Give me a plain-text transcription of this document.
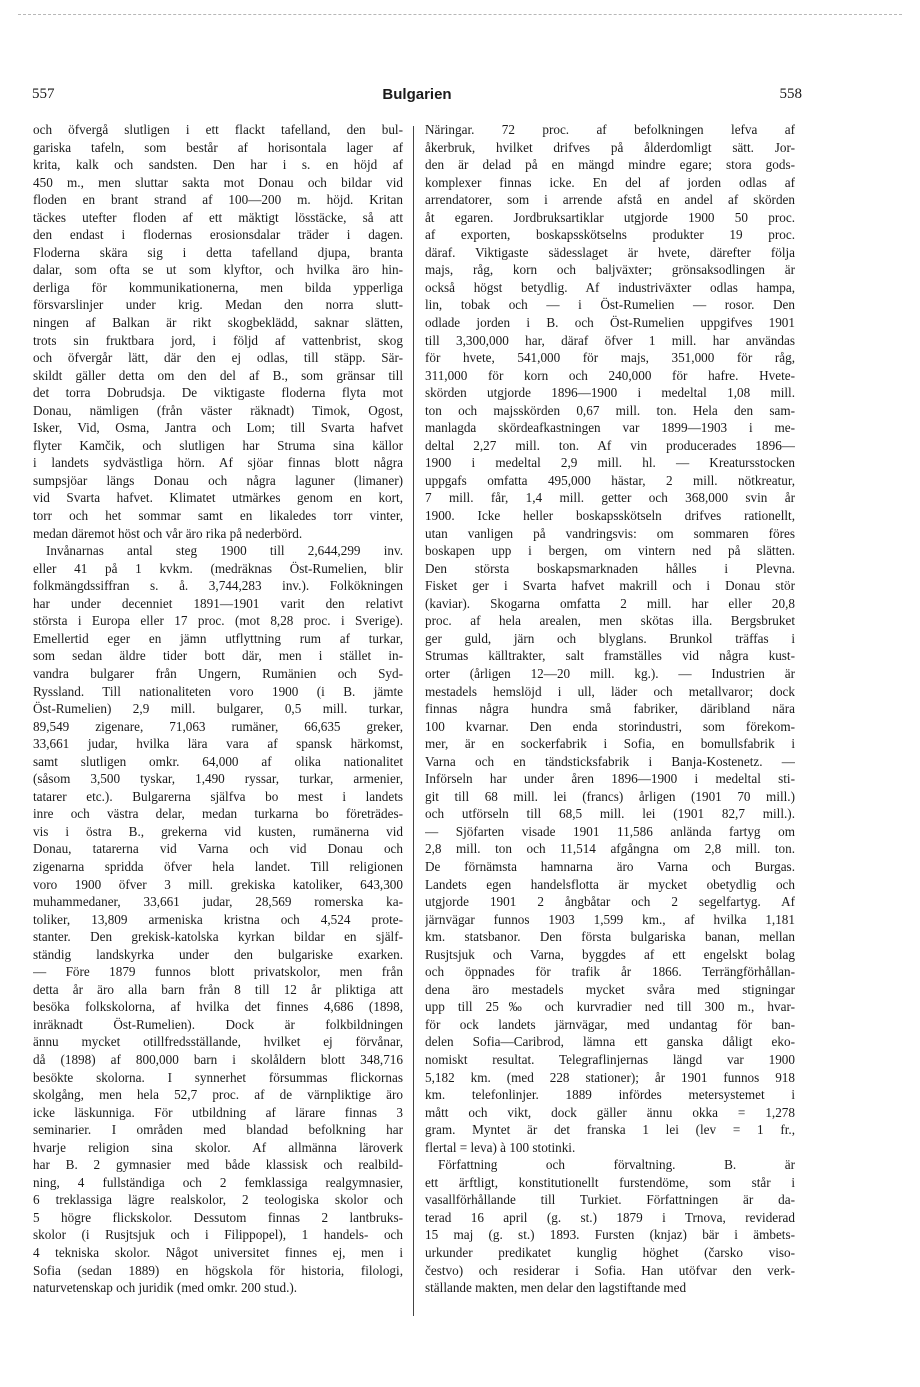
557	Bulgarien	558
och öfvergå slutligen i ett flackt tafelland, den bul-
gariska tafeln, som består af horisontala lager af
krita, kalk och sandsten. Den har i s. en höjd af
450 m., men sluttar sakta mot Donau och bildar vid
floden en brant strand af 100—200 m. höjd. Kritan
täckes utefter floden af ett mäktigt lösstäcke, så att
den endast i flodernas erosionsdalar träder i dagen.
Floderna skära sig i detta tafelland djupa, branta
dalar, som ofta se ut som klyftor, och hvilka äro hin-
derliga för kommunikationerna, men bilda ypperliga
försvarslinjer under krig. Medan den norra slutt-
ningen af Balkan är rikt skogbeklädd, saknar slätten,
trots sin fruktbara jord, i följd af vattenbrist, skog
och öfvergår lätt, där den ej odlas, till stäpp. Sär-
skildt gäller detta om den del af B., som gränsar till
det torra Dobrudsja. De viktigaste floderna flyta mot
Donau, nämligen (från väster räknadt) Timok, Ogost,
Isker, Vid, Osma, Jantra och Lom; till Svarta hafvet
flyter Kamčik, och slutligen har Struma sina källor
i landets sydvästliga hörn. Af sjöar finnas blott några
sumpsjöar längs Donau och några laguner (limaner)
vid Svarta hafvet. Klimatet utmärkes genom en kort,
torr och het sommar samt en likaledes torr vinter,
medan däremot höst och vår äro rika på nederbörd.
Invånarnas antal steg 1900 till 2,644,299 inv.
eller 41 på 1 kvkm. (medräknas Öst-Rumelien, blir
folkmängdssiffran s. å. 3,744,283 inv.). Folkökningen
har under decenniet 1891—1901 varit den relativt
största i Europa eller 17 proc. (mot 8,28 proc. i Sverige).
Emellertid eger en jämn utflyttning rum af turkar,
som sedan äldre tider bott där, men i stället in-
vandra bulgarer från Ungern, Rumänien och Syd-
Ryssland. Till nationaliteten voro 1900 (i B. jämte
Öst-Rumelien) 2,9 mill. bulgarer, 0,5 mill. turkar,
89,549 zigenare, 71,063 rumäner, 66,635 greker,
33,661 judar, hvilka lära vara af spansk härkomst,
samt slutligen omkr. 64,000 af olika nationalitet
(såsom 3,500 tyskar, 1,490 ryssar, turkar, armenier,
tatarer etc.). Bulgarerna själfva bo mest i landets
inre och västra delar, medan turkarna bo företrädes-
vis i östra B., grekerna vid kusten, rumänerna vid
Donau, tatarerna vid Varna och vid Donau och
zigenarna spridda öfver hela landet. Till religionen
voro 1900 öfver 3 mill. grekiska katoliker, 643,300
muhammedaner, 33,661 judar, 28,569 romerska ka-
toliker, 13,809 armeniska kristna och 4,524 prote-
stanter. Den grekisk-katolska kyrkan bildar en själf-
ständig landskyrka under den bulgariske exarken.
— Före 1879 funnos blott privatskolor, men från
detta år äro alla barn från 8 till 12 år pliktiga att
besöka folkskolorna, af hvilka det finnes 4,686 (1898,
inräknadt Öst-Rumelien). Dock är folkbildningen
ännu mycket otillfredsställande, hvilket ej förvånar,
då (1898) af 800,000 barn i skolåldern blott 348,716
besökte skolorna. I synnerhet försummas flickornas
skolgång, men hela 52,7 proc. af de värnpliktige äro
icke läskunniga. För utbildning af lärare finnas 3
seminarier. I områden med blandad befolkning har
hvarje religion sina skolor. Af allmänna läroverk
har B. 2 gymnasier med både klassisk och realbild-
ning, 4 fullständiga och 2 femklassiga realgymnasier,
6 treklassiga lägre realskolor, 2 teologiska skolor och
5 högre flickskolor. Dessutom finnas 2 lantbruks-
skolor (i Rusjtsjuk och i Filippopel), 1 handels- och
4 tekniska skolor. Något universitet finnes ej, men i
Sofia (sedan 1889) en högskola för historia, filologi,
naturvetenskap och juridik (med omkr. 200 stud.).
Näringar. 72 proc. af befolkningen lefva af
åkerbruk, hvilket drifves på ålderdomligt sätt. Jor-
den är delad på en mängd mindre egare; stora gods-
komplexer finnas icke. En del af jorden odlas af
arrendatorer, som i arrende afstå en andel af skörden
åt egaren. Jordbruksartiklar utgjorde 1900 50 proc.
af exporten, boskapsskötselns produkter 19 proc.
däraf. Viktigaste sädesslaget är hvete, därefter följa
majs, råg, korn och baljväxter; grönsaksodlingen är
också högst betydlig. Af industriväxter odlas hampa,
lin, tobak och — i Öst-Rumelien — rosor. Den
odlade jorden i B. och Öst-Rumelien uppgifves 1901
till 3,300,000 har, däraf öfver 1 mill. har användas
för hvete, 541,000 för majs, 351,000 för råg,
311,000 för korn och 240,000 för hafre. Hvete-
skörden utgjorde 1896—1900 i medeltal 1,08 mill.
ton och majsskörden 0,67 mill. ton. Hela den sam-
manlagda skördeafkastningen var 1899—1903 i me-
deltal 2,27 mill. ton. Af vin producerades 1896—
1900 i medeltal 2,9 mill. hl. — Kreatursstocken
uppgafs omfatta 495,000 hästar, 2 mill. nötkreatur,
7 mill. får, 1,4 mill. getter och 368,000 svin år
1900. Icke heller boskapsskötseln drifves rationellt,
utan vanligen på vandringsvis: om sommaren föres
boskapen upp i bergen, om vintern ned på slätten.
Den största boskapsmarknaden hålles i Plevna.
Fisket ger i Svarta hafvet makrill och i Donau stör
(kaviar). Skogarna omfatta 2 mill. har eller 20,8
proc. af hela arealen, men skötas illa. Bergsbruket
ger guld, järn och blyglans. Brunkol träffas i
Strumas källtrakter, salt framställes vid några kust-
orter (årligen 12—20 mill. kg.). — Industrien är
mestadels hemslöjd i ull, läder och metallvaror; dock
finnas några hundra små fabriker, däribland nära
100 kvarnar. Den enda storindustri, som förekom-
mer, är en sockerfabrik i Sofia, en bomullsfabrik i
Varna och en tändsticksfabrik i Banja-Kostenetz. —
Införseln har under åren 1896—1900 i medeltal sti-
git till 68 mill. lei (francs) årligen (1901 70 mill.)
och utförseln till 68,5 mill. lei (1901 82,7 mill.).
— Sjöfarten visade 1901 11,586 anlända fartyg om
2,8 mill. ton och 11,514 afgångna om 2,8 mill. ton.
De förnämsta hamnarna äro Varna och Burgas.
Landets egen handelsflotta är mycket obetydlig och
utgjorde 1901 2 ångbåtar och 2 segelfartyg. Af
järnvägar funnos 1903 1,599 km., af hvilka 1,181
km. statsbanor. Den första bulgariska banan, mellan
Rusjtsjuk och Varna, byggdes af ett engelskt bolag
och öppnades för trafik år 1866. Terrängförhållan-
dena äro mestadels mycket svåra med stigningar
upp till 25‰ och kurvradier ned till 300 m., hvar-
för ock landets järnvägar, med undantag för ban-
delen Sofia—Caribrod, lämna ett ganska dåligt eko-
nomiskt resultat. Telegraflinjernas längd var 1900
5,182 km. (med 228 stationer); år 1901 funnos 918
km. telefonlinjer. 1889 infördes metersystemet i
mått och vikt, dock gäller ännu okka = 1,278
gram. Myntet är det franska 1 lei (lev = 1 fr.,
flertal = leva) à 100 stotinki.
Författning och förvaltning. B. är
ett ärftligt, konstitutionellt furstendöme, som står i
vasallförhållande till Turkiet. Författningen är da-
terad 16 april (g. st.) 1879 i Trnova, reviderad
15 maj (g. st.) 1893. Fursten (knjaz) bär i ämbets-
urkunder predikatet kunglig höghet (čarsko viso-
čestvo) och residerar i Sofia. Han utöfvar den verk-
ställande makten, men delar den lagstiftande med
